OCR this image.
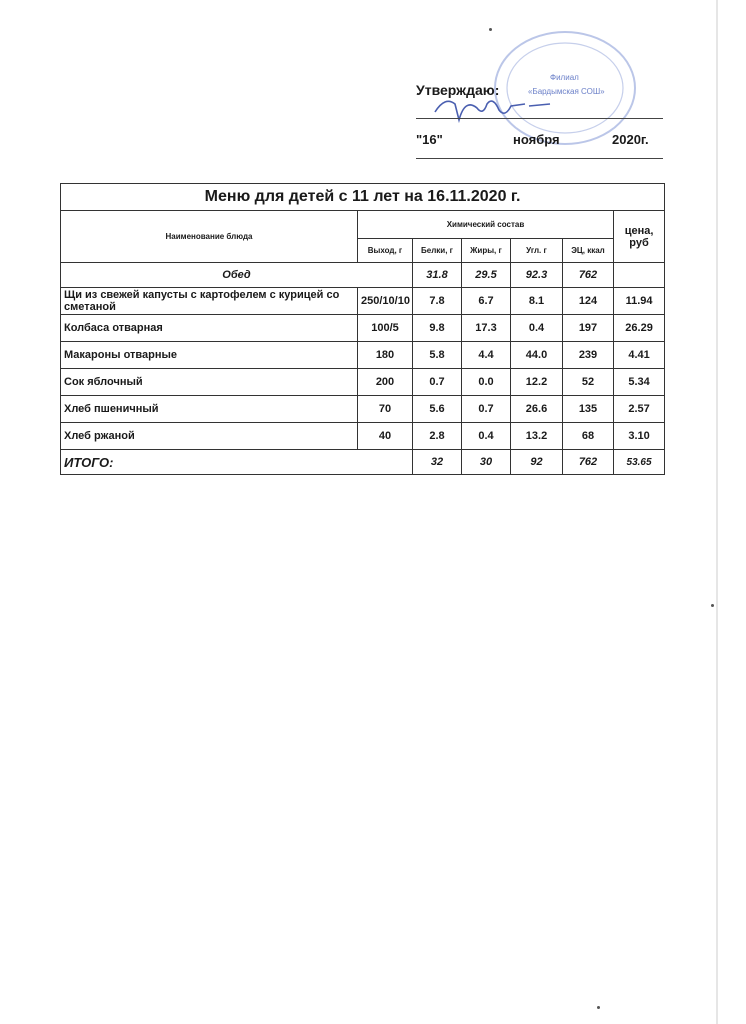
Филиал
«Бардымская СОШ»
Утверждаю:
"16"	ноября	2020г.
Меню для детей с 11 лет на 16.11.2020 г.						
Наименование блюда	Химический состав					цена, руб
	Выход, г	Белки, г	Жиры, г	Угл. г	ЭЦ, ккал	
Обед		31.8	29.5	92.3	762	
Щи из свежей капусты с картофелем с курицей со сметаной	250/10/10	7.8	6.7	8.1	124	11.94
Колбаса отварная	100/5	9.8	17.3	0.4	197	26.29
Макароны отварные	180	5.8	4.4	44.0	239	4.41
Сок яблочный	200	0.7	0.0	12.2	52	5.34
Хлеб пшеничный	70	5.6	0.7	26.6	135	2.57
Хлеб ржаной	40	2.8	0.4	13.2	68	3.10
ИТОГО:		32	30	92	762	53.65
